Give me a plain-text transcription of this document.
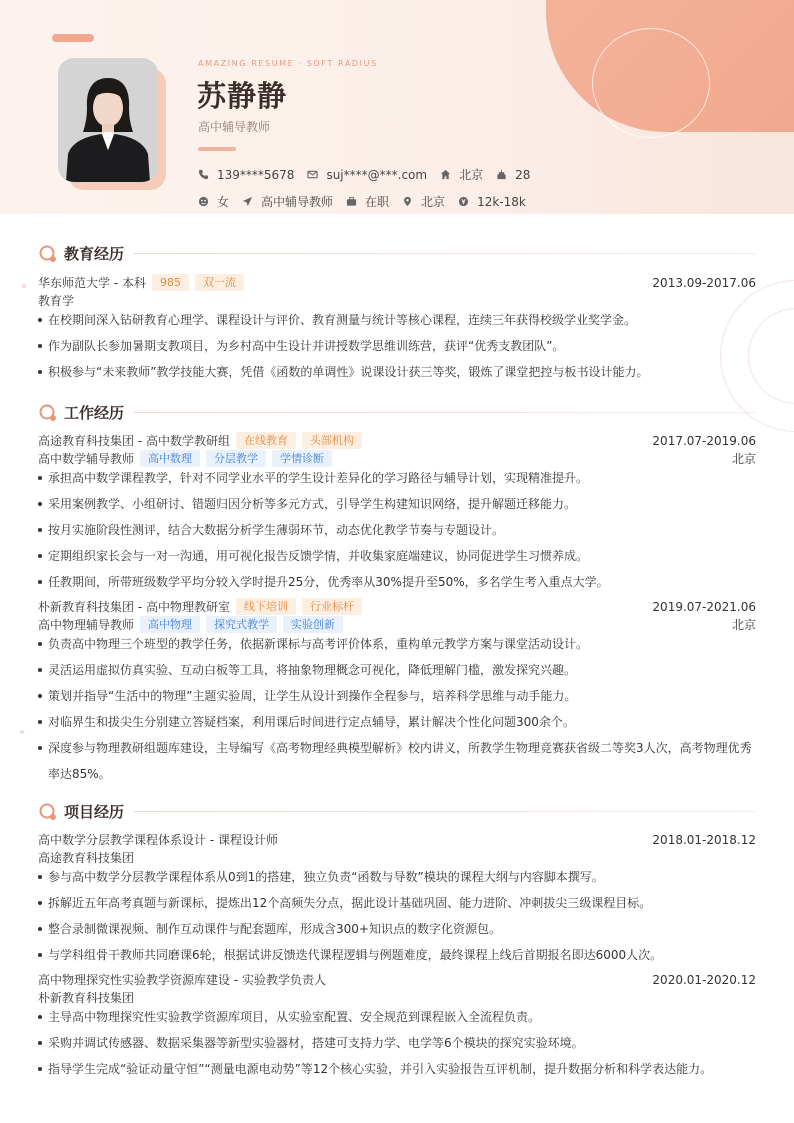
AMAZING RESUME · SOFT RADIUS
苏静静
高中辅导教师
139****5678	suj****@***.com	北京	28
女	高中辅导教师	在职	北京	12k-18k
教育经历
华东师范大学 - 本科	985	双一流	2013.09-2017.06
教育学
在校期间深入钻研教育心理学、课程设计与评价、教育测量与统计等核心课程，连续三年获得校级学业奖学金。
作为副队长参加暑期支教项目，为乡村高中生设计并讲授数学思维训练营，获评“优秀支教团队”。
积极参与“未来教师”教学技能大赛，凭借《函数的单调性》说课设计获三等奖，锻炼了课堂把控与板书设计能力。
工作经历
高途教育科技集团 - 高中数学教研组	在线教育	头部机构	2017.07-2019.06
高中数学辅导教师	高中数理	分层教学	学情诊断	北京
承担高中数学课程教学，针对不同学业水平的学生设计差异化的学习路径与辅导计划，实现精准提升。
采用案例教学、小组研讨、错题归因分析等多元方式，引导学生构建知识网络，提升解题迁移能力。
按月实施阶段性测评，结合大数据分析学生薄弱环节，动态优化教学节奏与专题设计。
定期组织家长会与一对一沟通，用可视化报告反馈学情，并收集家庭端建议，协同促进学生习惯养成。
任教期间，所带班级数学平均分较入学时提升25分，优秀率从30%提升至50%，多名学生考入重点大学。
朴新教育科技集团 - 高中物理教研室	线下培训	行业标杆	2019.07-2021.06
高中物理辅导教师	高中物理	探究式教学	实验创新	北京
负责高中物理三个班型的教学任务，依据新课标与高考评价体系，重构单元教学方案与课堂活动设计。
灵活运用虚拟仿真实验、互动白板等工具，将抽象物理概念可视化，降低理解门槛，激发探究兴趣。
策划并指导“生活中的物理”主题实验周，让学生从设计到操作全程参与，培养科学思维与动手能力。
对临界生和拔尖生分别建立答疑档案，利用课后时间进行定点辅导，累计解决个性化问题300余个。
深度参与物理教研组题库建设，主导编写《高考物理经典模型解析》校内讲义，所教学生物理竞赛获省级二等奖3人次，高考物理优秀率达85%。
项目经历
高中数学分层教学课程体系设计 - 课程设计师	2018.01-2018.12
高途教育科技集团
参与高中数学分层教学课程体系从0到1的搭建，独立负责“函数与导数”模块的课程大纲与内容脚本撰写。
拆解近五年高考真题与新课标，提炼出12个高频失分点，据此设计基础巩固、能力进阶、冲刺拔尖三级课程目标。
整合录制微课视频、制作互动课件与配套题库，形成含300+知识点的数字化资源包。
与学科组骨干教师共同磨课6轮，根据试讲反馈迭代课程逻辑与例题难度，最终课程上线后首期报名即达6000人次。
高中物理探究性实验教学资源库建设 - 实验教学负责人	2020.01-2020.12
朴新教育科技集团
主导高中物理探究性实验教学资源库项目，从实验室配置、安全规范到课程嵌入全流程负责。
采购并调试传感器、数据采集器等新型实验器材，搭建可支持力学、电学等6个模块的探究实验环境。
指导学生完成“验证动量守恒”“测量电源电动势”等12个核心实验，并引入实验报告互评机制，提升数据分析和科学表达能力。
